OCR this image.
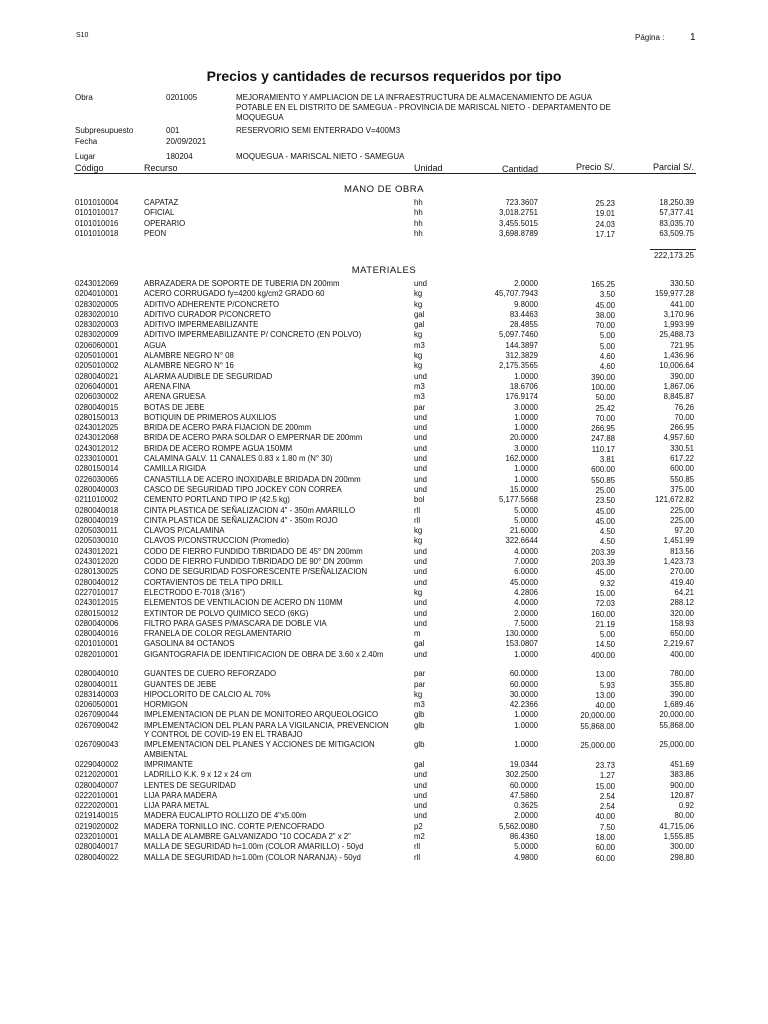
S10	Página :	1
Precios y cantidades de recursos requeridos por tipo
Obra	0201005	MEJORAMIENTO Y AMPLIACION DE LA INFRAESTRUCTURA DE ALMACENAMIENTO DE AGUA POTABLE EN EL DISTRITO DE SAMEGUA - PROVINCIA DE MARISCAL NIETO - DEPARTAMENTO DE MOQUEGUA
Subpresupuesto	001	RESERVORIO SEMI ENTERRADO V=400M3
Fecha	20/09/2021
Lugar	180204	MOQUEGUA - MARISCAL NIETO - SAMEGUA
Código	Recurso	Unidad	Cantidad	Precio S/.	Parcial S/.
MANO DE OBRA
0101010004	CAPATAZ	hh	723.3607	25.23	18,250.39
0101010017	OFICIAL	hh	3,018.2751	19.01	57,377.41
0101010016	OPERARIO	hh	3,455.5015	24.03	83,035.70
0101010018	PEON	hh	3,698.8789	17.17	63,509.75
222,173.25
MATERIALES
0243012069	ABRAZADERA DE SOPORTE DE TUBERIA DN 200mm	und	2.0000	165.25	330.50
0204010001	ACERO CORRUGADO fy=4200 kg/cm2 GRADO 60	kg	45,707.7943	3.50	159,977.28
0283020005	ADITIVO ADHERENTE P/CONCRETO	kg	9.8000	45.00	441.00
0283020010	ADITIVO CURADOR P/CONCRETO	gal	83.4463	38.00	3,170.96
0283020003	ADITIVO IMPERMEABILIZANTE	gal	28.4855	70.00	1,993.99
0283020009	ADITIVO IMPERMEABILIZANTE P/ CONCRETO (EN POLVO)	kg	5,097.7460	5.00	25,488.73
0206060001	AGUA	m3	144.3897	5.00	721.95
0205010001	ALAMBRE NEGRO N° 08	kg	312.3829	4.60	1,436.96
0205010002	ALAMBRE NEGRO N° 16	kg	2,175.3565	4.60	10,006.64
0280040021	ALARMA AUDIBLE DE SEGURIDAD	und	1.0000	390.00	390.00
0206040001	ARENA FINA	m3	18.6706	100.00	1,867.06
0206030002	ARENA GRUESA	m3	176.9174	50.00	8,845.87
0280040015	BOTAS DE JEBE	par	3.0000	25.42	76.26
0280150013	BOTIQUIN DE PRIMEROS AUXILIOS	und	1.0000	70.00	70.00
0243012025	BRIDA DE ACERO PARA FIJACION DE 200mm	und	1.0000	266.95	266.95
0243012068	BRIDA DE ACERO PARA SOLDAR O EMPERNAR DE 200mm	und	20.0000	247.88	4,957.60
0243012012	BRIDA DE ACERO ROMPE AGUA 150MM	und	3.0000	110.17	330.51
0233010001	CALAMINA GALV. 11 CANALES 0.83 x 1.80 m (N° 30)	und	162.0000	3.81	617.22
0280150014	CAMILLA RIGIDA	und	1.0000	600.00	600.00
0226030065	CANASTILLA DE ACERO INOXIDABLE BRIDADA DN 200mm	und	1.0000	550.85	550.85
0280040003	CASCO DE SEGURIDAD TIPO JOCKEY CON CORREA	und	15.0000	25.00	375.00
0211010002	CEMENTO PORTLAND TIPO IP (42.5 kg)	bol	5,177.5668	23.50	121,672.82
0280040018	CINTA PLASTICA DE SEÑALIZACION 4" - 350m AMARILLO	rll	5.0000	45.00	225.00
0280040019	CINTA PLASTICA DE SEÑALIZACION 4" - 350m ROJO	rll	5.0000	45.00	225.00
0205030011	CLAVOS P/CALAMINA	kg	21.6000	4.50	97.20
0205030010	CLAVOS P/CONSTRUCCION (Promedio)	kg	322.6644	4.50	1,451.99
0243012021	CODO DE FIERRO FUNDIDO T/BRIDADO DE 45° DN 200mm	und	4.0000	203.39	813.56
0243012020	CODO DE FIERRO FUNDIDO T/BRIDADO DE 90° DN 200mm	und	7.0000	203.39	1,423.73
0280130025	CONO DE SEGURIDAD FOSFORESCENTE P/SEÑALIZACION	und	6.0000	45.00	270.00
0280040012	CORTAVIENTOS DE TELA TIPO DRILL	und	45.0000	9.32	419.40
0227010017	ELECTRODO E-7018 (3/16")	kg	4.2806	15.00	64.21
0243012015	ELEMENTOS DE VENTILACION DE ACERO DN 110MM	und	4.0000	72.03	288.12
0280150012	EXTINTOR DE POLVO QUIMICO SECO (6KG)	und	2.0000	160.00	320.00
0280040006	FILTRO PARA GASES P/MASCARA DE DOBLE VIA	und	7.5000	21.19	158.93
0280040016	FRANELA DE COLOR REGLAMENTARIO	m	130.0000	5.00	650.00
0201010001	GASOLINA 84 OCTANOS	gal	153.0807	14.50	2,219.67
0282010001	GIGANTOGRAFIA DE IDENTIFICACION DE OBRA DE 3.60 x 2.40m	und	1.0000	400.00	400.00
0280040010	GUANTES DE CUERO REFORZADO	par	60.0000	13.00	780.00
0280040011	GUANTES DE JEBE	par	60.0000	5.93	355.80
0283140003	HIPOCLORITO DE CALCIO AL 70%	kg	30.0000	13.00	390.00
0206050001	HORMIGON	m3	42.2366	40.00	1,689.46
0267090044	IMPLEMENTACION DE PLAN DE MONITOREO ARQUEOLOGICO	glb	1.0000	20,000.00	20,000.00
0267090042	IMPLEMENTACION DEL PLAN PARA LA VIGILANCIA, PREVENCION Y CONTROL DE COVID-19 EN EL TRABAJO
glb	1.0000	55,868.00	55,868.00
0267090043	IMPLEMENTACION DEL PLANES Y ACCIONES DE MITIGACION AMBIENTAL
glb	1.0000	25,000.00	25,000.00
0229040002	IMPRIMANTE	gal	19.0344	23.73	451.69
0212020001	LADRILLO K.K. 9 x 12 x 24 cm	und	302.2500	1.27	383.86
0280040007	LENTES DE SEGURIDAD	und	60.0000	15.00	900.00
0222010001	LIJA PARA MADERA	und	47.5860	2.54	120.87
0222020001	LIJA PARA METAL	und	0.3625	2.54	0.92
0219140015	MADERA EUCALIPTO ROLLIZO DE 4"x5.00m	und	2.0000	40.00	80.00
0219020002	MADERA TORNILLO INC. CORTE P/ENCOFRADO	p2	5,562.0080	7.50	41,715.06
0232010001	MALLA DE ALAMBRE GALVANIZADO "10 COCADA 2" x 2"	m2	86.4360	18.00	1,555.85
0280040017	MALLA DE SEGURIDAD h=1.00m (COLOR AMARILLO) - 50yd	rll	5.0000	60.00	300.00
0280040022	MALLA DE SEGURIDAD h=1.00m (COLOR NARANJA) - 50yd	rll	4.9800	60.00	298.80
